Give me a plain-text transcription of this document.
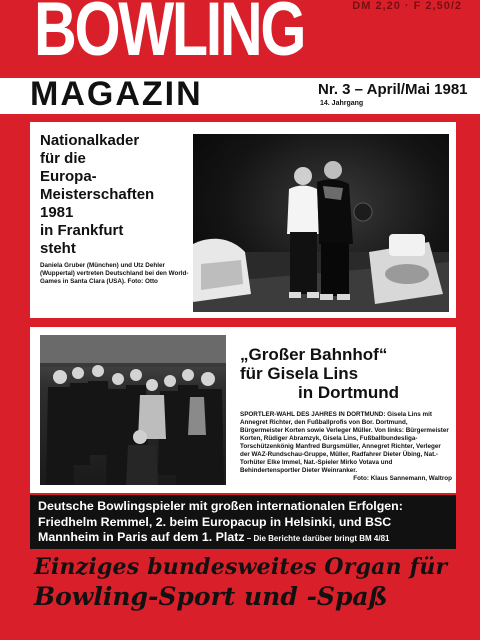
BOWLING	DM 2,20 · F 2,50/2
MAGAZIN	Nr. 3 – April/Mai 1981
14. Jahrgang
Nationalkader
für die
Europa-
Meisterschaften
1981
in Frankfurt
steht
Daniela Gruber (München) und Utz Dehler (Wuppertal) vertreten Deutschland bei den World-Games in Santa Clara (USA). Foto: Otto
„Großer Bahnhof“
für Gisela Lins
in Dortmund
SPORTLER-WAHL DES JAHRES IN DORTMUND: Gisela Lins mit Annegret Richter, den Fußballprofis von Bor. Dortmund, Bürgermeister Korten sowie Verleger Müller. Von links: Bürgermeister Korten, Rüdiger Abramzyk, Gisela Lins, Fußballbundesliga-Torschützenkönig Manfred Burgsmüller, Annegret Richter, Verleger der WAZ-Rundschau-Gruppe, Müller, Radfahrer Dieter Übing, Nat.-Torhüter Elke Immel, Nat.-Spieler Mirko Votava und Behindertensportler Dieter Weinranker.
Foto: Klaus Sannemann, Waltrop
Deutsche Bowlingspieler mit großen internationalen Erfolgen: Friedhelm Remmel, 2. beim Europacup in Helsinki, und BSC Mannheim in Paris auf dem 1. Platz – Die Berichte darüber bringt BM 4/81
Einziges bundesweites Organ für
Bowling-Sport und -Spaß
